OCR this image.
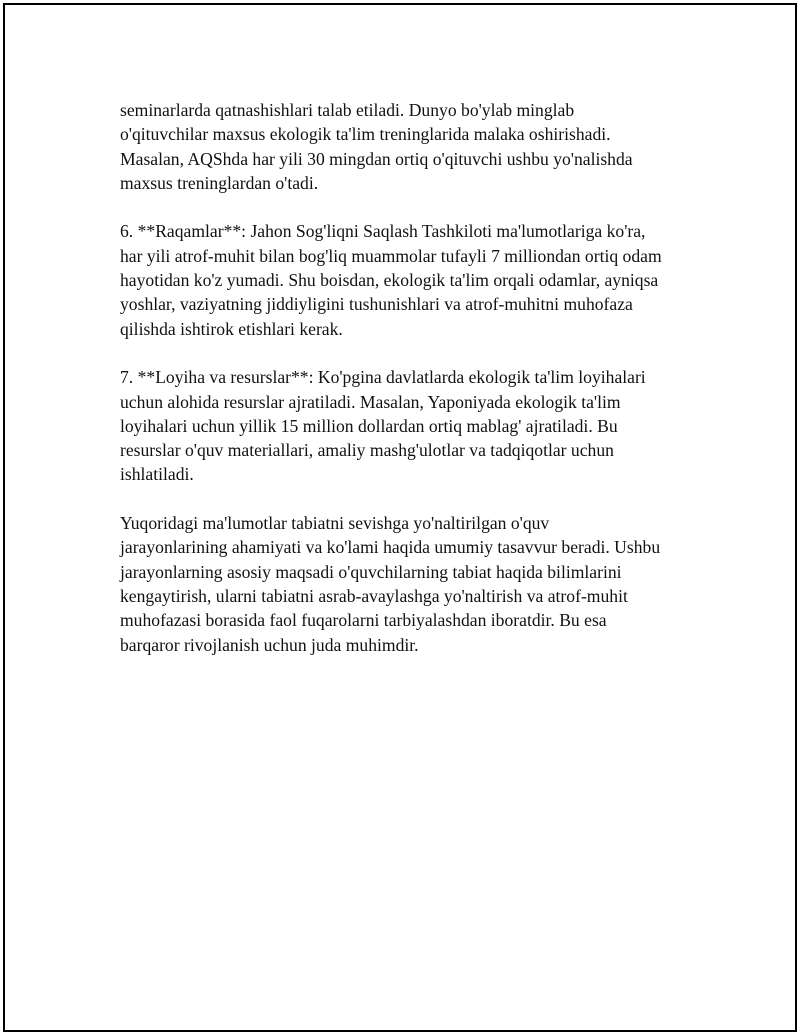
seminarlarda qatnashishlari talab etiladi. Dunyo bo'ylab minglab
o'qituvchilar maxsus ekologik ta'lim treninglarida malaka oshirishadi.
Masalan, AQShda har yili 30 mingdan ortiq o'qituvchi ushbu yo'nalishda
maxsus treninglardan o'tadi.
6. **Raqamlar**: Jahon Sog'liqni Saqlash Tashkiloti ma'lumotlariga ko'ra,
har yili atrof-muhit bilan bog'liq muammolar tufayli 7 milliondan ortiq odam
hayotidan ko'z yumadi. Shu boisdan, ekologik ta'lim orqali odamlar, ayniqsa
yoshlar, vaziyatning jiddiyligini tushunishlari va atrof-muhitni muhofaza
qilishda ishtirok etishlari kerak.
7. **Loyiha va resurslar**: Ko'pgina davlatlarda ekologik ta'lim loyihalari
uchun alohida resurslar ajratiladi. Masalan, Yaponiyada ekologik ta'lim
loyihalari uchun yillik 15 million dollardan ortiq mablag' ajratiladi. Bu
resurslar o'quv materiallari, amaliy mashg'ulotlar va tadqiqotlar uchun
ishlatiladi.
Yuqoridagi ma'lumotlar tabiatni sevishga yo'naltirilgan o'quv
jarayonlarining ahamiyati va ko'lami haqida umumiy tasavvur beradi. Ushbu
jarayonlarning asosiy maqsadi o'quvchilarning tabiat haqida bilimlarini
kengaytirish, ularni tabiatni asrab-avaylashga yo'naltirish va atrof-muhit
muhofazasi borasida faol fuqarolarni tarbiyalashdan iboratdir. Bu esa
barqaror rivojlanish uchun juda muhimdir.
